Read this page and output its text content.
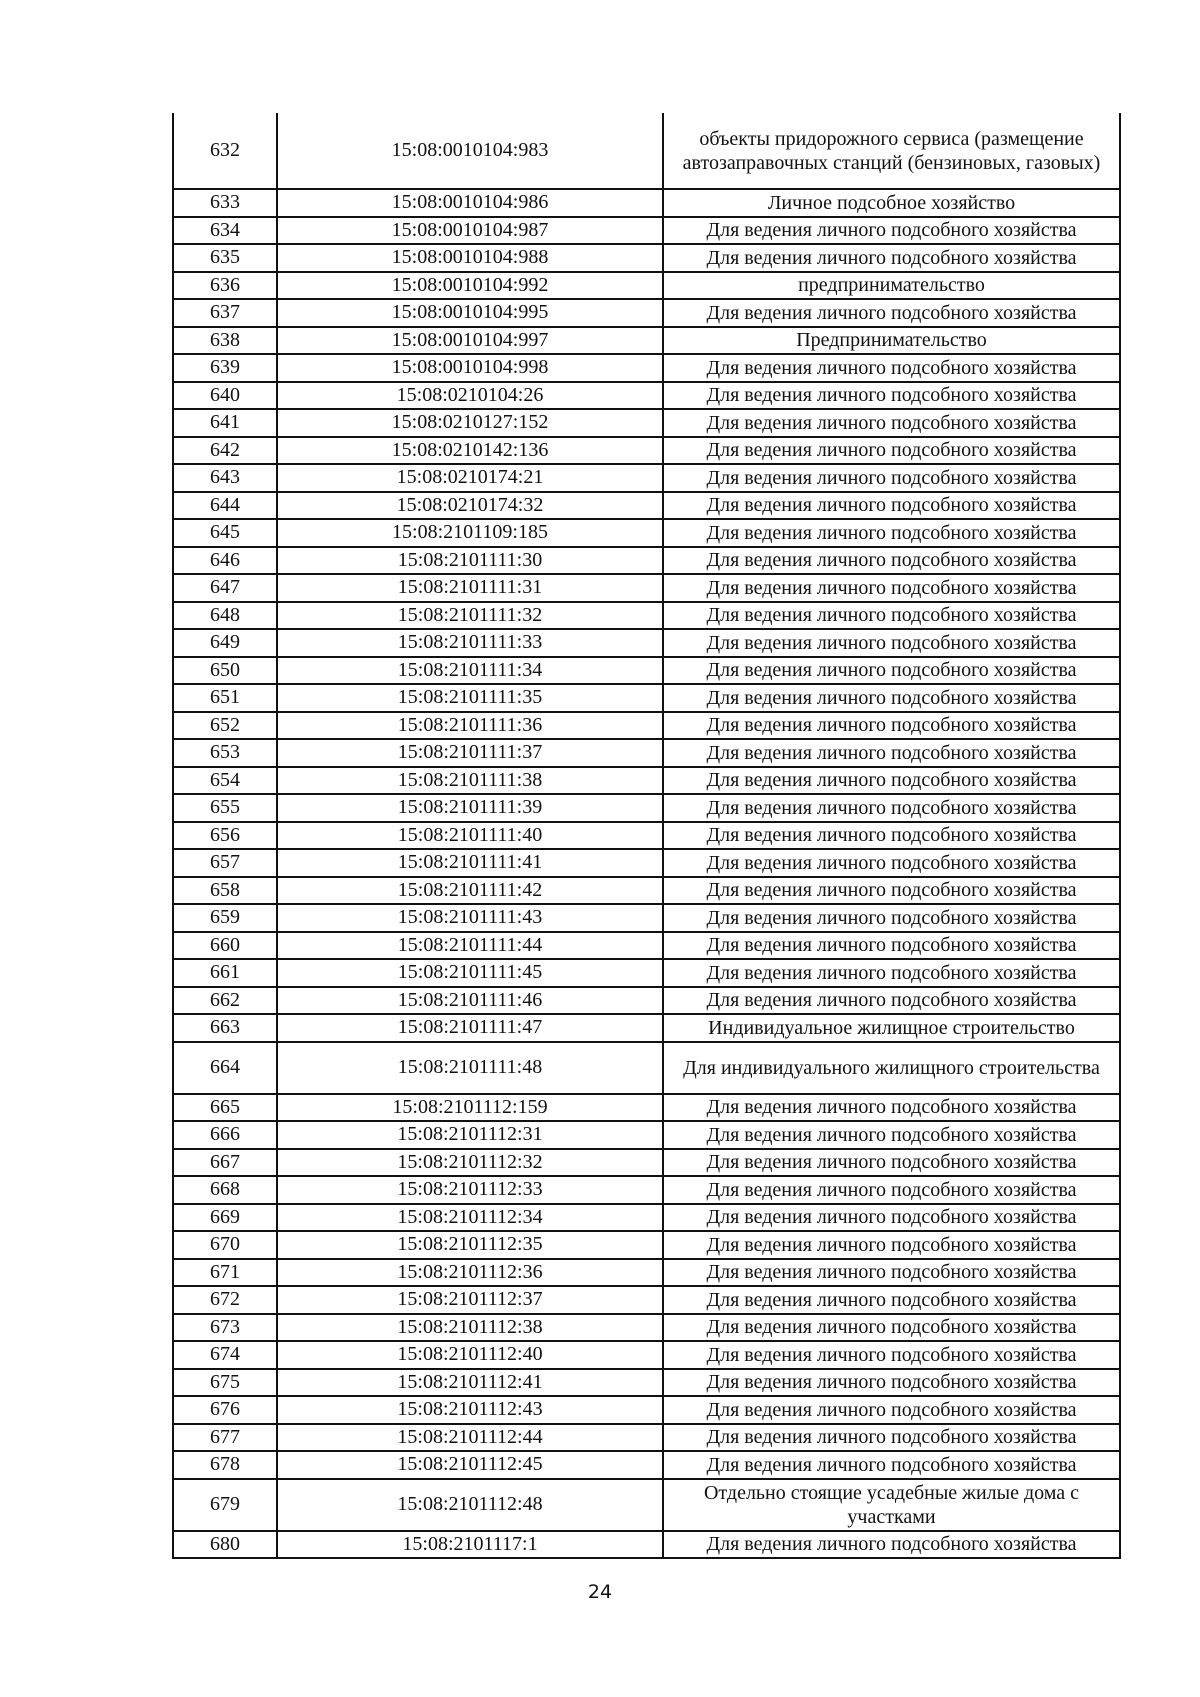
632	15:08:0010104:983	объекты придорожного сервиса (размещение автозаправочных станций (бензиновых, газовых)
633	15:08:0010104:986	Личное подсобное хозяйство
634	15:08:0010104:987	Для ведения личного подсобного хозяйства
635	15:08:0010104:988	Для ведения личного подсобного хозяйства
636	15:08:0010104:992	предпринимательство
637	15:08:0010104:995	Для ведения личного подсобного хозяйства
638	15:08:0010104:997	Предпринимательство
639	15:08:0010104:998	Для ведения личного подсобного хозяйства
640	15:08:0210104:26	Для ведения личного подсобного хозяйства
641	15:08:0210127:152	Для ведения личного подсобного хозяйства
642	15:08:0210142:136	Для ведения личного подсобного хозяйства
643	15:08:0210174:21	Для ведения личного подсобного хозяйства
644	15:08:0210174:32	Для ведения личного подсобного хозяйства
645	15:08:2101109:185	Для ведения личного подсобного хозяйства
646	15:08:2101111:30	Для ведения личного подсобного хозяйства
647	15:08:2101111:31	Для ведения личного подсобного хозяйства
648	15:08:2101111:32	Для ведения личного подсобного хозяйства
649	15:08:2101111:33	Для ведения личного подсобного хозяйства
650	15:08:2101111:34	Для ведения личного подсобного хозяйства
651	15:08:2101111:35	Для ведения личного подсобного хозяйства
652	15:08:2101111:36	Для ведения личного подсобного хозяйства
653	15:08:2101111:37	Для ведения личного подсобного хозяйства
654	15:08:2101111:38	Для ведения личного подсобного хозяйства
655	15:08:2101111:39	Для ведения личного подсобного хозяйства
656	15:08:2101111:40	Для ведения личного подсобного хозяйства
657	15:08:2101111:41	Для ведения личного подсобного хозяйства
658	15:08:2101111:42	Для ведения личного подсобного хозяйства
659	15:08:2101111:43	Для ведения личного подсобного хозяйства
660	15:08:2101111:44	Для ведения личного подсобного хозяйства
661	15:08:2101111:45	Для ведения личного подсобного хозяйства
662	15:08:2101111:46	Для ведения личного подсобного хозяйства
663	15:08:2101111:47	Индивидуальное жилищное строительство
664	15:08:2101111:48	Для индивидуального жилищного строительства
665	15:08:2101112:159	Для ведения личного подсобного хозяйства
666	15:08:2101112:31	Для ведения личного подсобного хозяйства
667	15:08:2101112:32	Для ведения личного подсобного хозяйства
668	15:08:2101112:33	Для ведения личного подсобного хозяйства
669	15:08:2101112:34	Для ведения личного подсобного хозяйства
670	15:08:2101112:35	Для ведения личного подсобного хозяйства
671	15:08:2101112:36	Для ведения личного подсобного хозяйства
672	15:08:2101112:37	Для ведения личного подсобного хозяйства
673	15:08:2101112:38	Для ведения личного подсобного хозяйства
674	15:08:2101112:40	Для ведения личного подсобного хозяйства
675	15:08:2101112:41	Для ведения личного подсобного хозяйства
676	15:08:2101112:43	Для ведения личного подсобного хозяйства
677	15:08:2101112:44	Для ведения личного подсобного хозяйства
678	15:08:2101112:45	Для ведения личного подсобного хозяйства
679	15:08:2101112:48	Отдельно стоящие усадебные жилые дома с участками
680	15:08:2101117:1	Для ведения личного подсобного хозяйства
24
